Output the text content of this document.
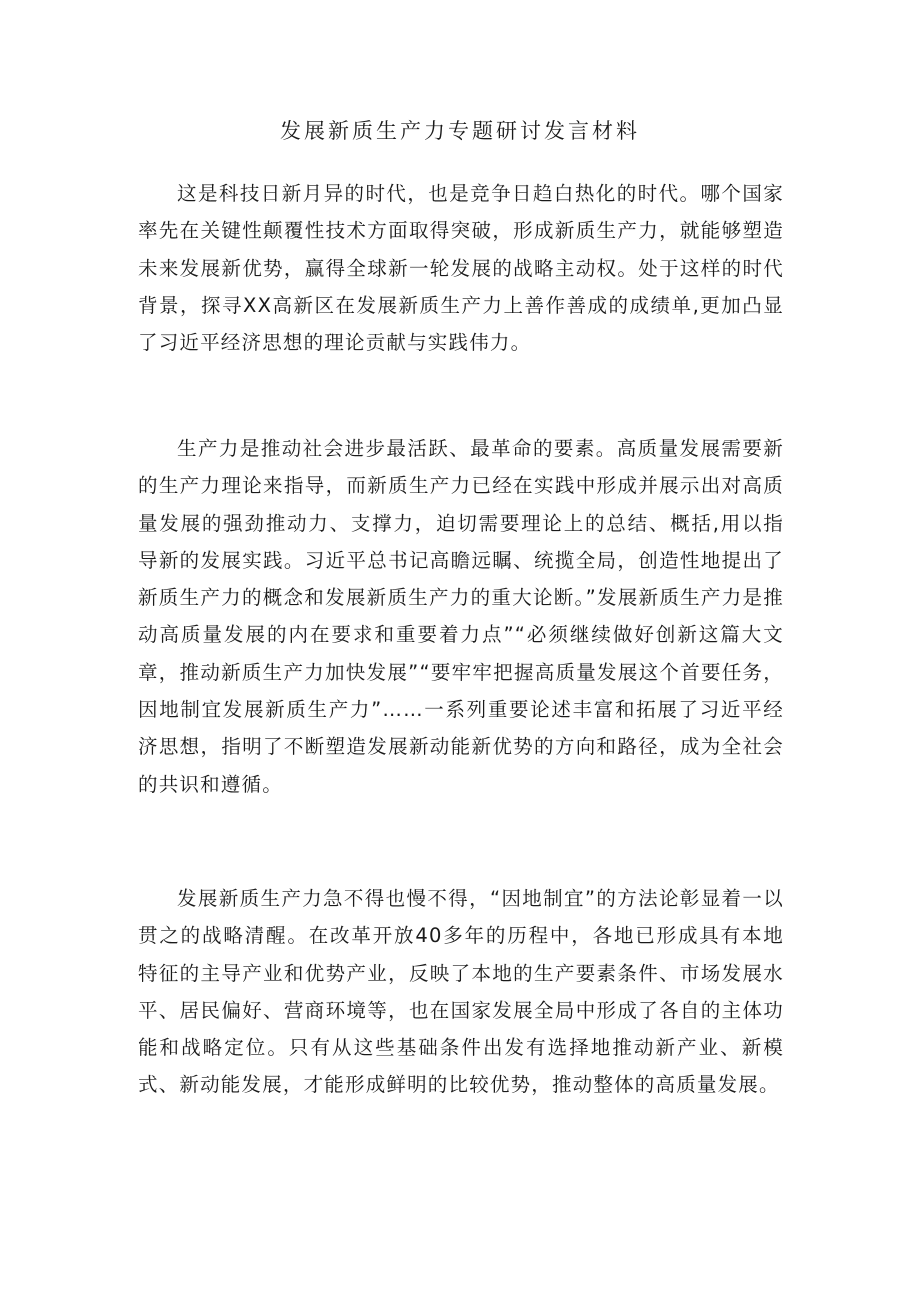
发展新质生产力专题研讨发言材料

这是科技日新月异的时代，也是竞争日趋白热化的时代。哪个国家率先在关键性颠覆性技术方面取得突破，形成新质生产力，就能够塑造未来发展新优势，赢得全球新一轮发展的战略主动权。处于这样的时代背景，探寻XX高新区在发展新质生产力上善作善成的成绩单,更加凸显了习近平经济思想的理论贡献与实践伟力。

生产力是推动社会进步最活跃、最革命的要素。高质量发展需要新的生产力理论来指导，而新质生产力已经在实践中形成并展示出对高质量发展的强劲推动力、支撑力，迫切需要理论上的总结、概括,用以指导新的发展实践。习近平总书记高瞻远瞩、统揽全局，创造性地提出了新质生产力的概念和发展新质生产力的重大论断。”发展新质生产力是推动高质量发展的内在要求和重要着力点”“必须继续做好创新这篇大文章，推动新质生产力加快发展”“要牢牢把握高质量发展这个首要任务，因地制宜发展新质生产力”……一系列重要论述丰富和拓展了习近平经济思想，指明了不断塑造发展新动能新优势的方向和路径，成为全社会的共识和遵循。

发展新质生产力急不得也慢不得，“因地制宜”的方法论彰显着一以贯之的战略清醒。在改革开放40多年的历程中，各地已形成具有本地特征的主导产业和优势产业，反映了本地的生产要素条件、市场发展水平、居民偏好、营商环境等，也在国家发展全局中形成了各自的主体功能和战略定位。只有从这些基础条件出发有选择地推动新产业、新模式、新动能发展，才能形成鲜明的比较优势，推动整体的高质量发展。
